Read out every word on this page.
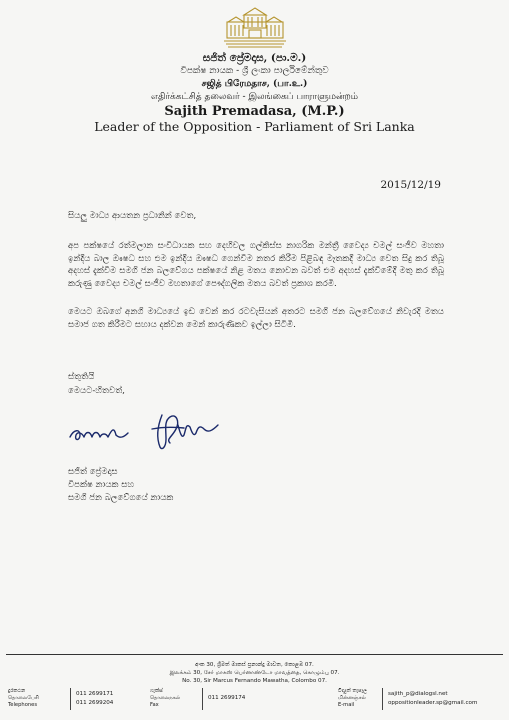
සජිත් ප්‍රේමදාස, (පා.ම.)
විපක්ෂ නායක - ශ්‍රී ලංකා පාර්ලිමේන්තුව
சஜித் பிரேமதாச, (பா.உ.)
எதிர்க்கட்சித் தலைவர் - இலங்கைப் பாராளுமன்றம்
Sajith Premadasa, (M.P.)
Leader of the Opposition - Parliament of Sri Lanka
2015/12/19
සියලු මාධ්‍ය ආයතන ප්‍රධානින් වෙත,
අප පක්ෂයේ රත්මලාන සංවිධායක සහ දෙහිවල ගල්කිස්ස නාගරික මන්ත්‍රී වෛද්‍ය චමල් සංජීව මහතා ඉන්දීය බාල ඖෂධ සහ එම ඉන්දීය ඖෂධ ගෙන්වීම නතර කිරීම පිළිබඳ මෑතකදී මාධ්‍ය වෙත සිදු කර තිබූ අදහස් දැක්වීම සමගි ජන බලවේගය පක්ෂයේ නිළ මතය නොවන බවත් එම අදහස් දැක්වීමේදී මතු කර තිබූ කරුණු වෛද්‍ය චමල් සංජීව මහතාගේ පෞද්ගලික මතය බවත් ප්‍රකාශ කරමි.
මෙයට ඔබගේ අනගි මාධ්‍යයේ ඉඩ වෙන් කර රටවැසියන් අතරට සමගි ජන බලවේගයේ නිවැරදි මතය සමාජ ගත කිරීමට සහාය දක්වන මෙන් කාරුණිකව ඉල්ලා සිටිමි.
ස්තුතියි
මෙයට-හිතවත්,
සජිත් ප්‍රේමදාස
විපක්ෂ නායක සහ
සමගි ජන බලවේගයේ නායක
අංක 30, ශ්‍රීමත් මාකස් ප්‍රනාන්දු මාවත, කොළඹ 07.
இலக்கம் 30, சேர் மாகஸ் பெர்னாண்டோ மாவத்தை, கொழும்பு 07.
No. 30, Sir Marcus Fernando Mawatha, Colombo 07.
දුරකථන
தொலைபேசி
Telephones
011 2699171
011 2699204
ෆැක්ස්
தொலைநகல்
Fax
011 2699174
විද්‍යුත් තැපෑල
மின்னஞ்சல்
E-mail
sajith_p@dialogsl.net
oppositionleader.sp@gmail.com
